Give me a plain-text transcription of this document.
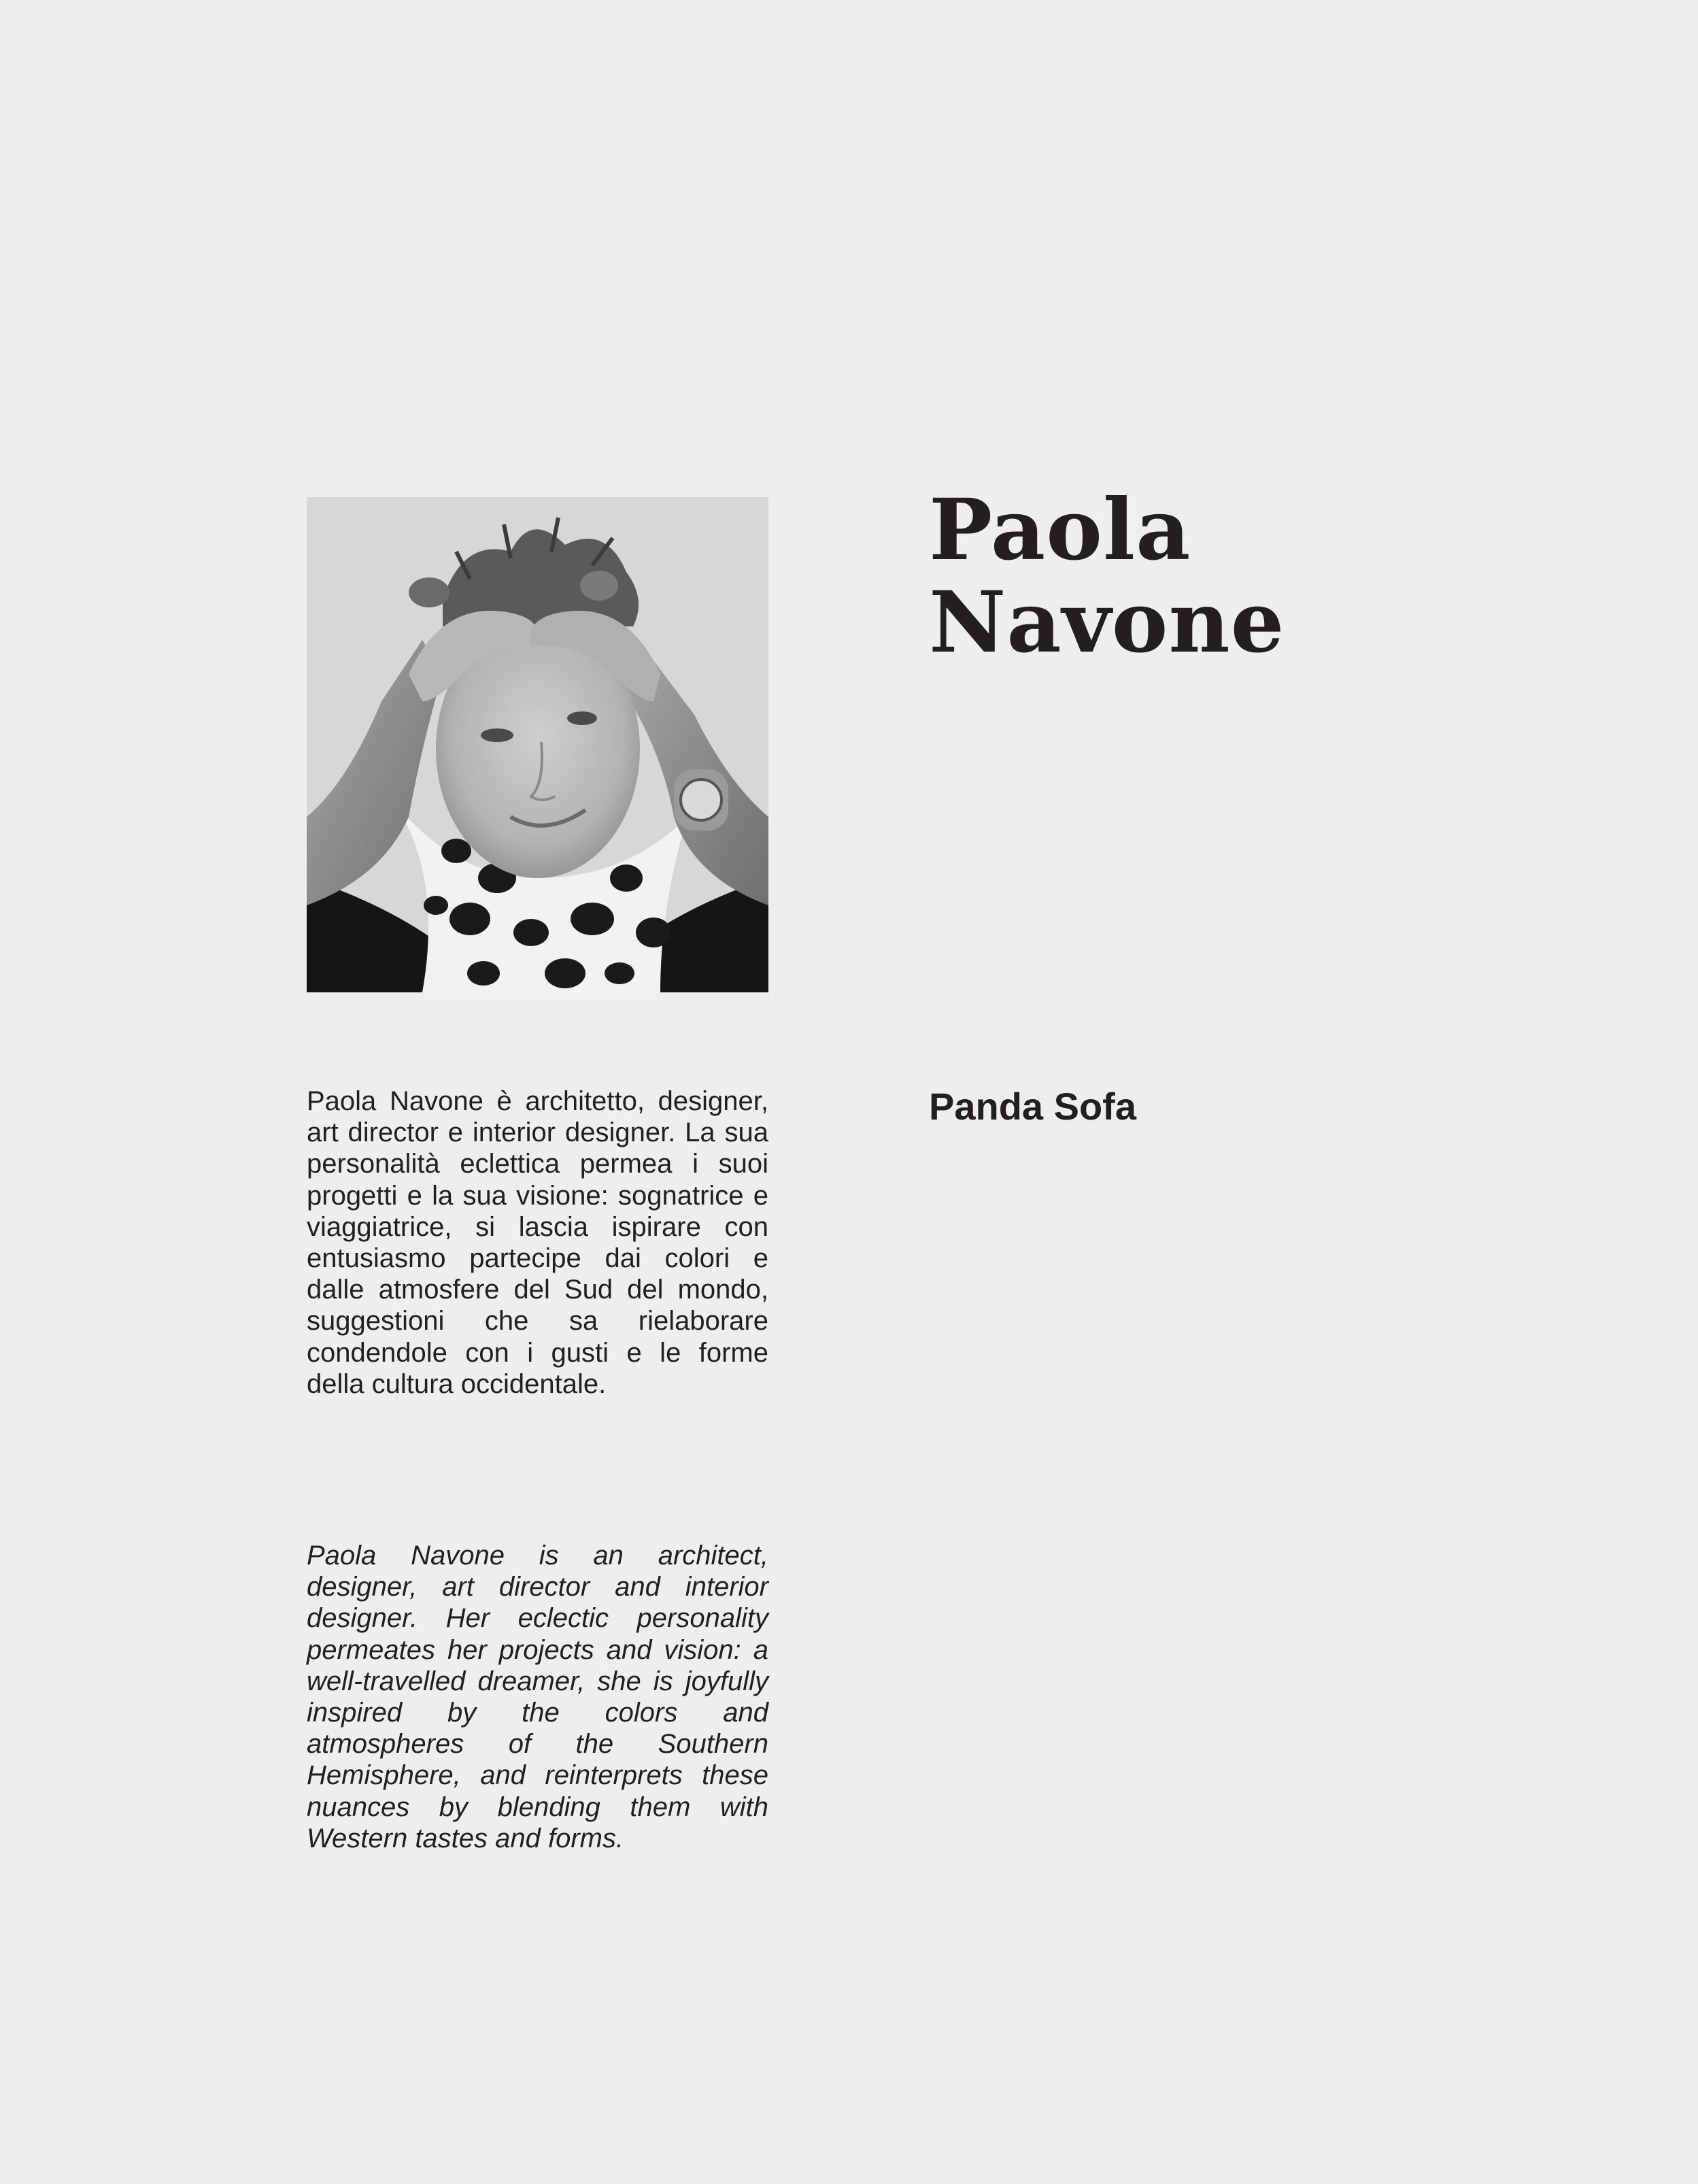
Paola
Navone
Panda Sofa

Paola Navone è architetto, designer, art director e interior designer. La sua personalità eclettica permea i suoi progetti e la sua visione: sognatrice e viaggiatrice, si lascia ispirare con entusiasmo partecipe dai colori e dalle atmosfere del Sud del mondo, suggestioni che sa rielaborare condendole con i gusti e le forme della cultura occidentale.

Paola Navone is an architect, designer, art director and interior designer. Her eclectic personality permeates her projects and vision: a well-travelled dreamer, she is joyfully inspired by the colors and atmospheres of the Southern Hemisphere, and reinterprets these nuances by blending them with Western tastes and forms.
